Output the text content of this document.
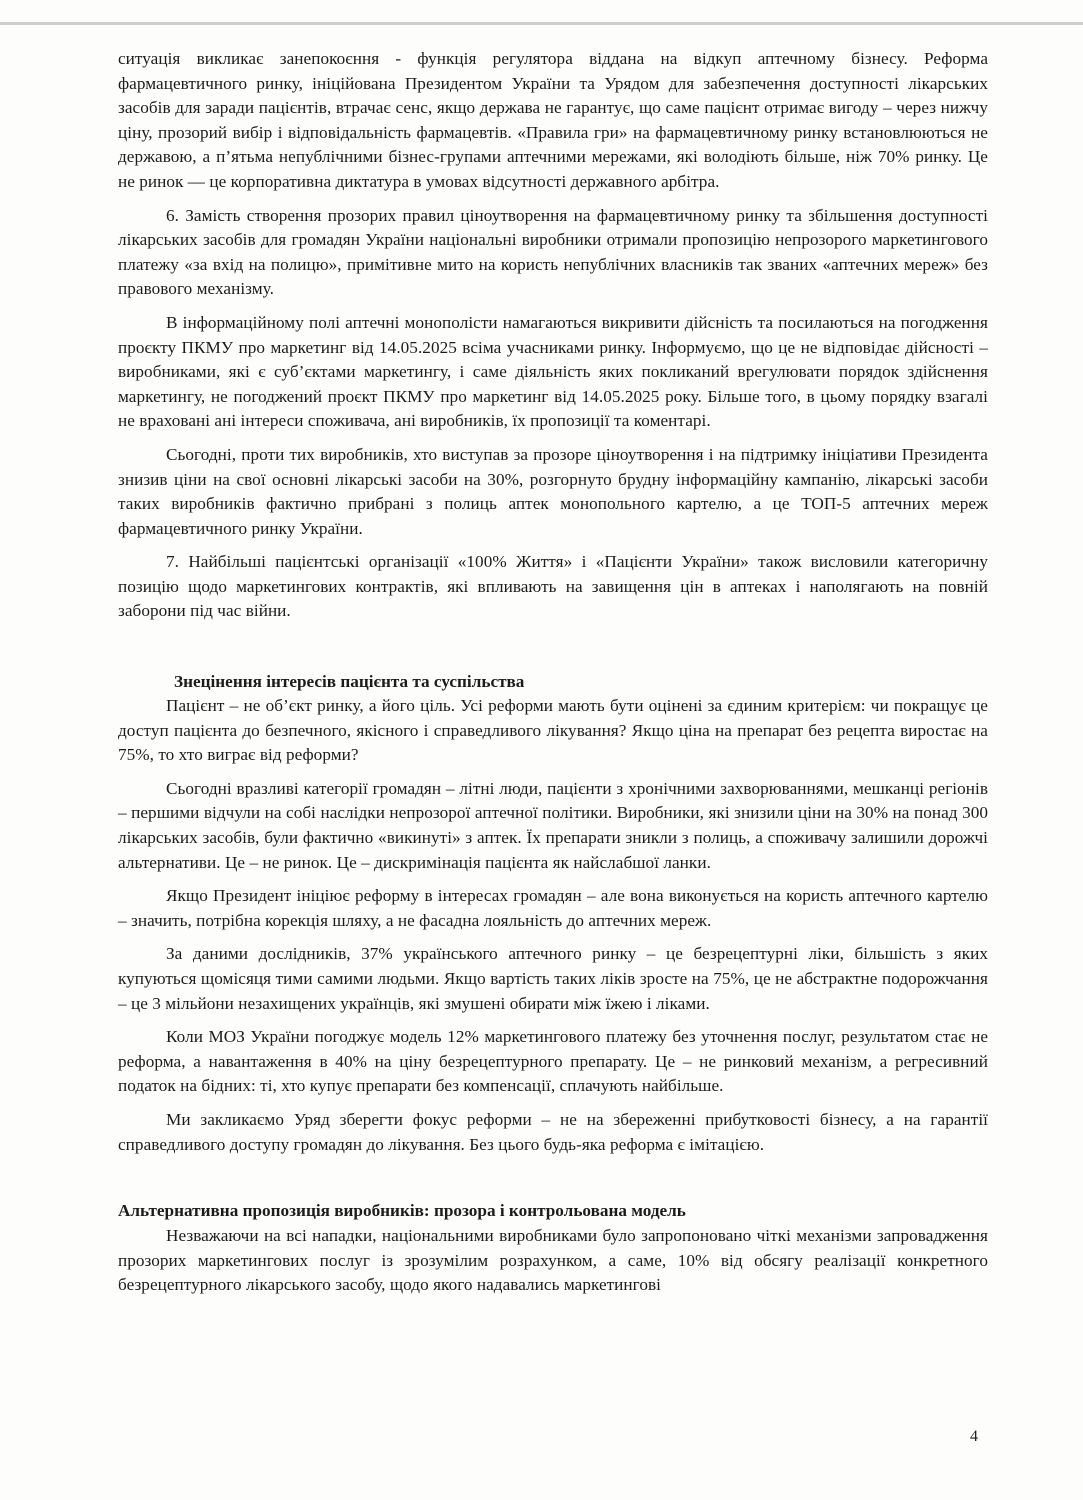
ситуація викликає занепокоєння - функція регулятора віддана на відкуп аптечному бізнесу. Реформа фармацевтичного ринку, ініційована Президентом України та Урядом для забезпечення доступності лікарських засобів для заради пацієнтів, втрачає сенс, якщо держава не гарантує, що саме пацієнт отримає вигоду – через нижчу ціну, прозорий вибір і відповідальність фармацевтів. «Правила гри» на фармацевтичному ринку встановлюються не державою, а п’ятьма непублічними бізнес-групами аптечними мережами, які володіють більше, ніж 70% ринку. Це не ринок — це корпоративна диктатура в умовах відсутності державного арбітра.

6. Замість створення прозорих правил ціноутворення на фармацевтичному ринку та збільшення доступності лікарських засобів для громадян України національні виробники отримали пропозицію непрозорого маркетингового платежу «за вхід на полицю», примітивне мито на користь непублічних власників так званих «аптечних мереж» без правового механізму.

В інформаційному полі аптечні монополісти намагаються викривити дійсність та посилаються на погодження проєкту ПКМУ про маркетинг від 14.05.2025 всіма учасниками ринку. Інформуємо, що це не відповідає дійсності – виробниками, які є суб’єктами маркетингу, і саме діяльність яких покликаний врегулювати порядок здійснення маркетингу, не погоджений проєкт ПКМУ про маркетинг від 14.05.2025 року. Більше того, в цьому порядку взагалі не враховані ані інтереси споживача, ані виробників, їх пропозиції та коментарі.

Сьогодні, проти тих виробників, хто виступав за прозоре ціноутворення і на підтримку ініціативи Президента знизив ціни на свої основні лікарські засоби на 30%, розгорнуто брудну інформаційну кампанію, лікарські засоби таких виробників фактично прибрані з полиць аптек монопольного картелю, а це ТОП-5 аптечних мереж фармацевтичного ринку України.

7. Найбільші пацієнтські організації «100% Життя» і «Пацієнти України» також висловили категоричну позицію щодо маркетингових контрактів, які впливають на завищення цін в аптеках і наполягають на повній заборони під час війни.

Знецінення інтересів пацієнта та суспільства

Пацієнт – не об’єкт ринку, а його ціль. Усі реформи мають бути оцінені за єдиним критерієм: чи покращує це доступ пацієнта до безпечного, якісного і справедливого лікування? Якщо ціна на препарат без рецепта виростає на 75%, то хто виграє від реформи?

Сьогодні вразливі категорії громадян – літні люди, пацієнти з хронічними захворюваннями, мешканці регіонів – першими відчули на собі наслідки непрозорої аптечної політики. Виробники, які знизили ціни на 30% на понад 300 лікарських засобів, були фактично «викинуті» з аптек. Їх препарати зникли з полиць, а споживачу залишили дорожчі альтернативи. Це – не ринок. Це – дискримінація пацієнта як найслабшої ланки.

Якщо Президент ініціює реформу в інтересах громадян – але вона виконується на користь аптечного картелю – значить, потрібна корекція шляху, а не фасадна лояльність до аптечних мереж.

За даними дослідників, 37% українського аптечного ринку – це безрецептурні ліки, більшість з яких купуються щомісяця тими самими людьми. Якщо вартість таких ліків зросте на 75%, це не абстрактне подорожчання – це 3 мільйони незахищених українців, які змушені обирати між їжею і ліками.

Коли МОЗ України погоджує модель 12% маркетингового платежу без уточнення послуг, результатом стає не реформа, а навантаження в 40% на ціну безрецептурного препарату. Це – не ринковий механізм, а регресивний податок на бідних: ті, хто купує препарати без компенсації, сплачують найбільше.

Ми закликаємо Уряд зберегти фокус реформи – не на збереженні прибутковості бізнесу, а на гарантії справедливого доступу громадян до лікування. Без цього будь-яка реформа є імітацією.

Альтернативна пропозиція виробників: прозора і контрольована модель

Незважаючи на всі нападки, національними виробниками було запропоновано чіткі механізми запровадження прозорих маркетингових послуг із зрозумілим розрахунком, а саме, 10% від обсягу реалізації конкретного безрецептурного лікарського засобу, щодо якого надавались маркетингові

4
